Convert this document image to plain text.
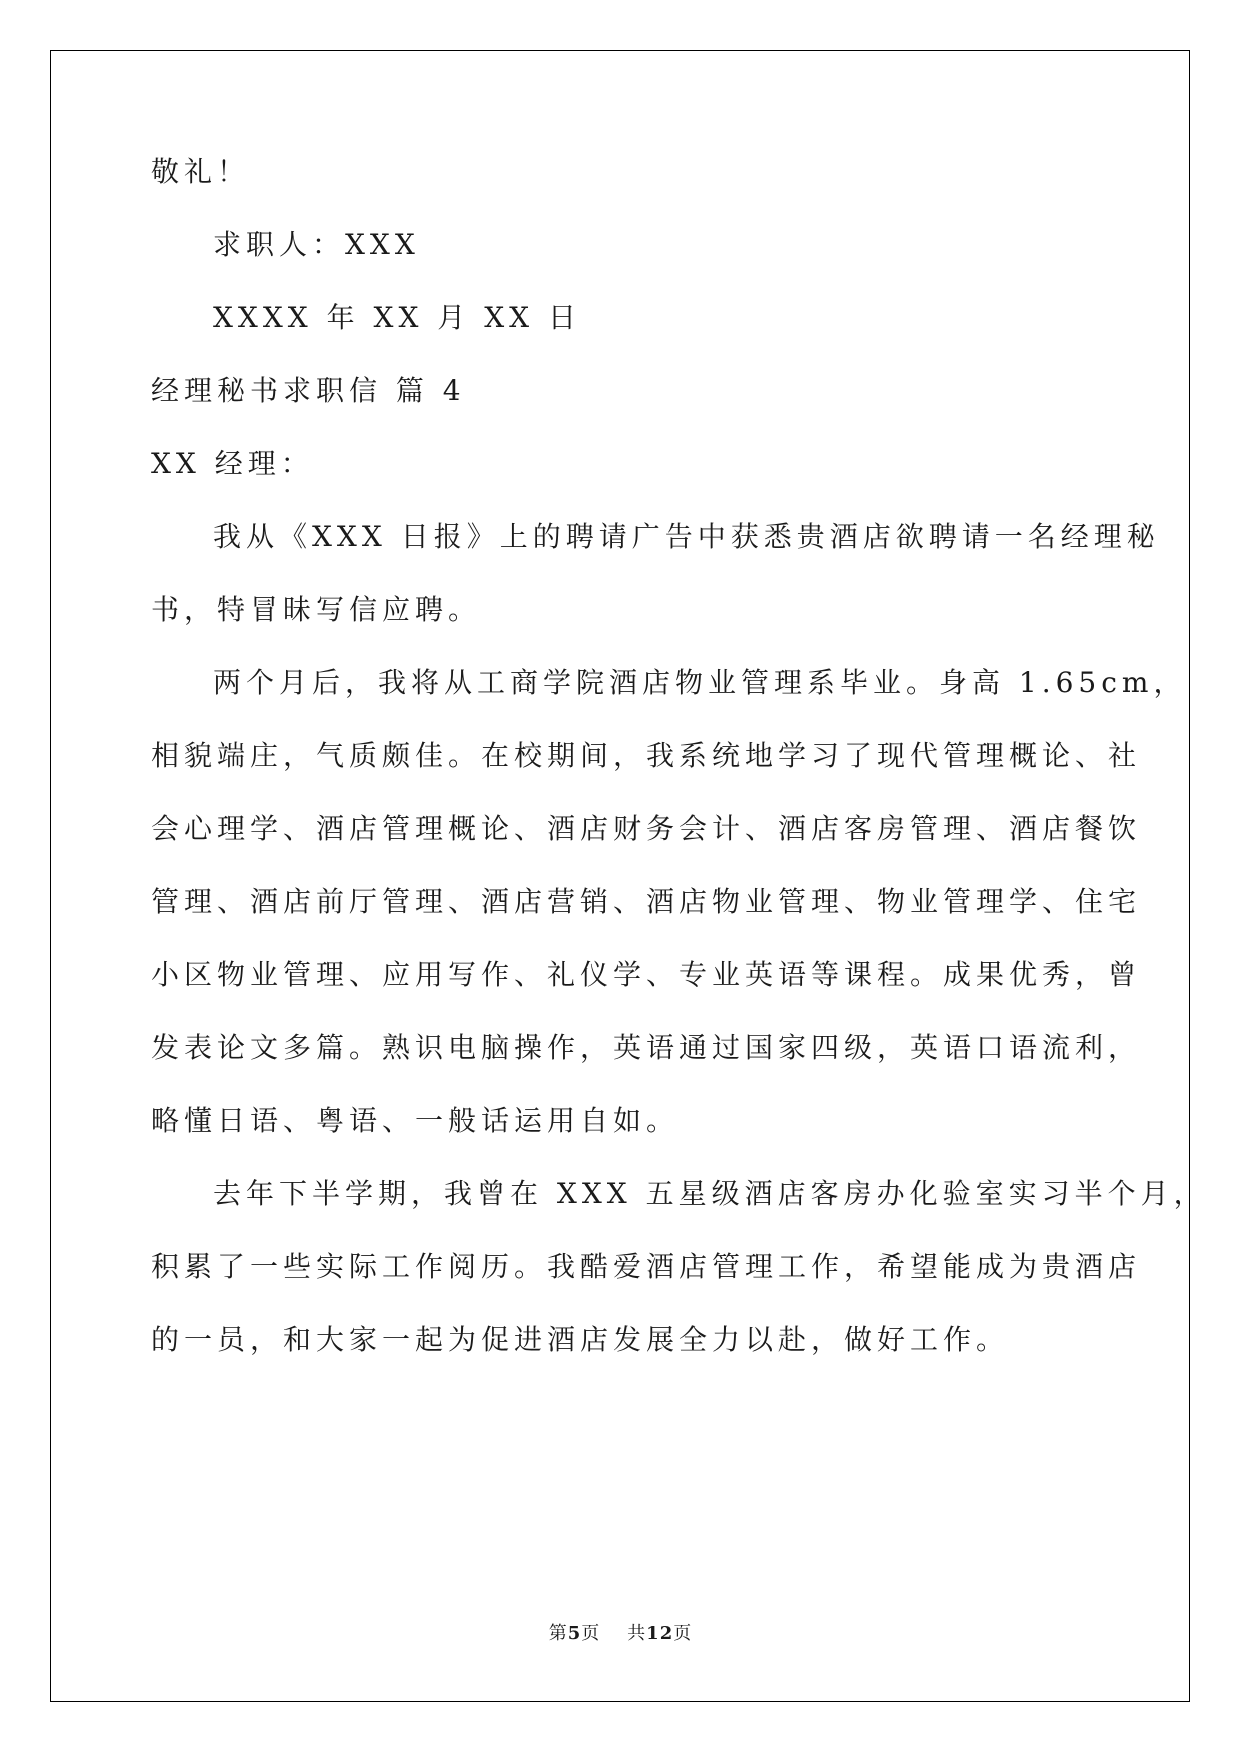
敬礼！
求职人：XXX
XXXX 年 XX 月 XX 日
经理秘书求职信 篇 4
XX 经理：
我从《XXX 日报》上的聘请广告中获悉贵酒店欲聘请一名经理秘
书，特冒昧写信应聘。
两个月后，我将从工商学院酒店物业管理系毕业。身高 1.65cm，
相貌端庄，气质颇佳。在校期间，我系统地学习了现代管理概论、社
会心理学、酒店管理概论、酒店财务会计、酒店客房管理、酒店餐饮
管理、酒店前厅管理、酒店营销、酒店物业管理、物业管理学、住宅
小区物业管理、应用写作、礼仪学、专业英语等课程。成果优秀，曾
发表论文多篇。熟识电脑操作，英语通过国家四级，英语口语流利，
略懂日语、粤语、一般话运用自如。
去年下半学期，我曾在 XXX 五星级酒店客房办化验室实习半个月，
积累了一些实际工作阅历。我酷爱酒店管理工作，希望能成为贵酒店
的一员，和大家一起为促进酒店发展全力以赴，做好工作。
第5页 共12页
